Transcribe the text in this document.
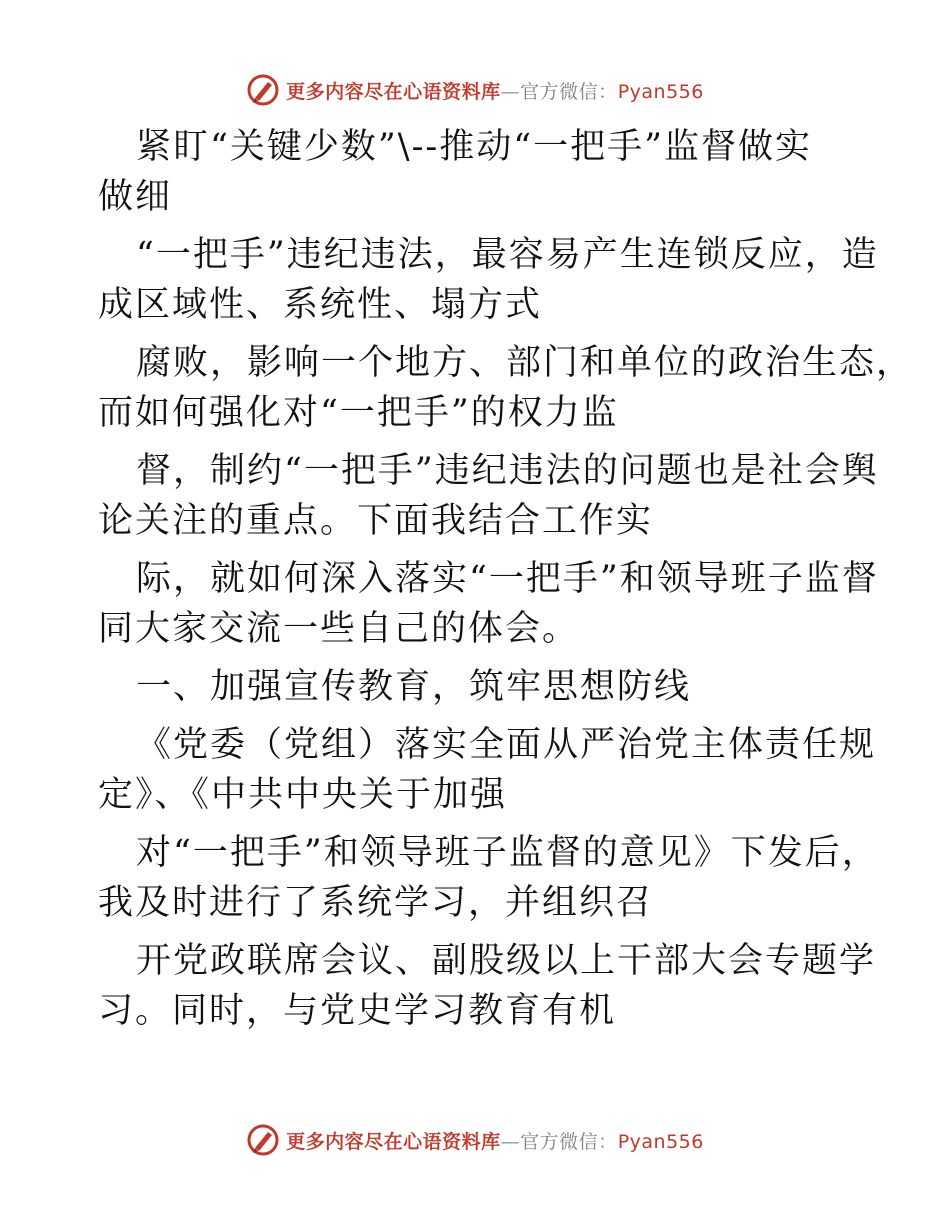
更多内容尽在心语资料库—官方微信：Pyan556
紧盯“关键少数”\--推动“一把手”监督做实
做细
“一把手”违纪违法，最容易产生连锁反应，造
成区域性、系统性、塌方式
腐败，影响一个地方、部门和单位的政治生态，
而如何强化对“一把手”的权力监
督，制约“一把手”违纪违法的问题也是社会舆
论关注的重点。下面我结合工作实
际，就如何深入落实“一把手”和领导班子监督
同大家交流一些自己的体会。
一、加强宣传教育，筑牢思想防线
《党委（党组）落实全面从严治党主体责任规
定》、《中共中央关于加强
对“一把手”和领导班子监督的意见》下发后，
我及时进行了系统学习，并组织召
开党政联席会议、副股级以上干部大会专题学
习。同时，与党史学习教育有机
更多内容尽在心语资料库—官方微信：Pyan556
